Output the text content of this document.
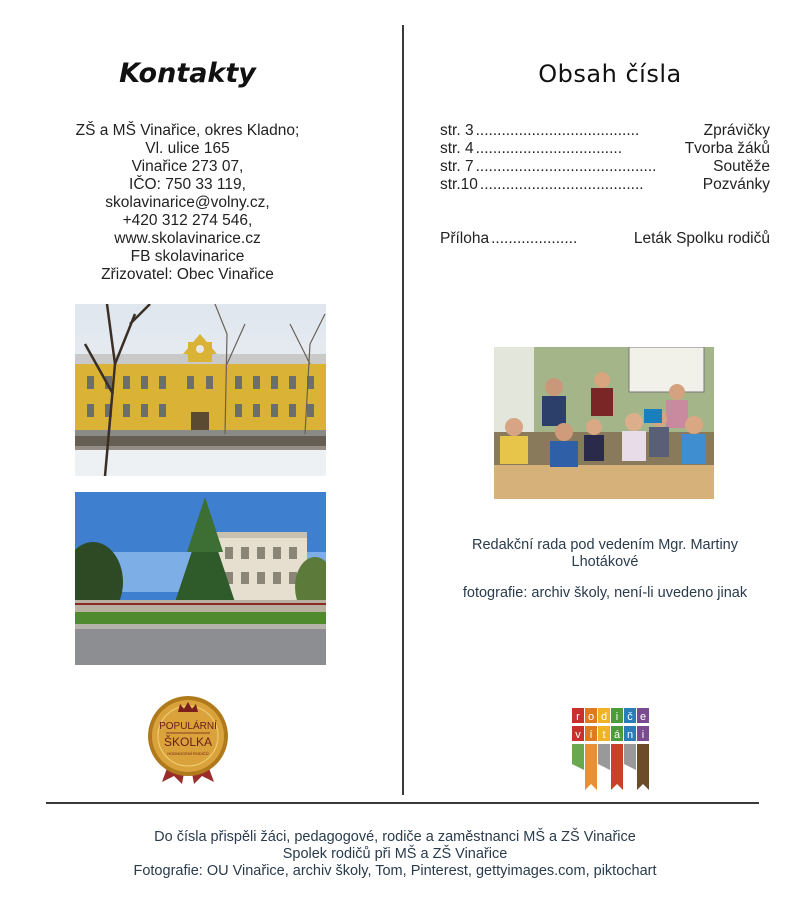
Kontakty
ZŠ a MŠ Vinařice, okres Kladno;
Vl. ulice 165
Vinařice 273 07,
IČO: 750 33 119,
skolavinarice@volny.cz,
+420 312 274 546,
www.skolavinarice.cz
FB skolavinarice
Zřizovatel: Obec Vinařice
POPULÁRNÍ
ŠKOLKA
HODNOCENÍ RODIČŮ
Obsah čísla
str. 3 ......................................	Zprávičky
str. 4 ..................................	Tvorba žáků
str. 7 ..........................................	Soutěže
str.10 ......................................	Pozvánky
Příloha ....................	Leták Spolku rodičů
Redakční rada pod vedením Mgr. Martiny Lhotákové
fotografie: archiv školy, není-li uvedeno jinak
r o d i č e
v í t á n i
Do čísla přispěli žáci, pedagogové, rodiče a zaměstnanci MŠ a ZŠ Vinařice
Spolek rodičů při MŠ a ZŠ Vinařice
Fotografie: OU Vinařice, archiv školy, Tom, Pinterest, gettyimages.com, piktochart
